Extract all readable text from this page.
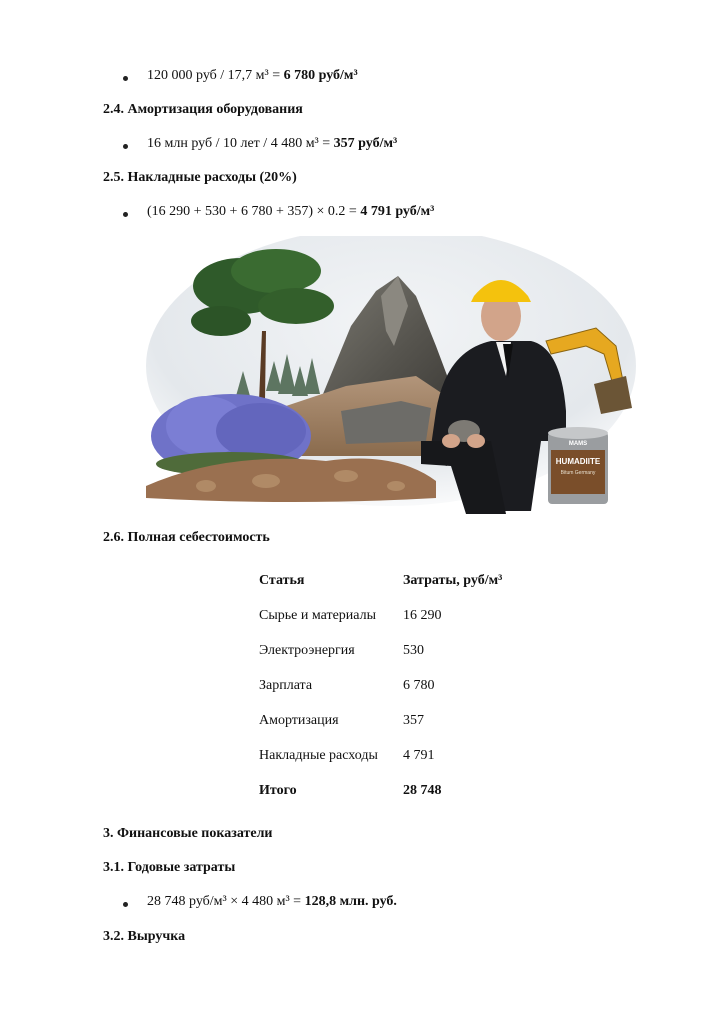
120 000 руб / 17,7 м³ = 6 780 руб/м³
2.4. Амортизация оборудования
16 млн руб / 10 лет / 4 480 м³ = 357 руб/м³
2.5. Накладные расходы (20%)
(16 290 + 530 + 6 780 + 357) × 0.2 = 4 791 руб/м³
MAMS
HUMADIITE
Bitum Germany
2.6. Полная себестоимость
Статья	Затраты, руб/м³
Сырье и материалы 16 290
Электроэнергия	530
Зарплата	6 780
Амортизация	357
Накладные расходы 4 791
Итого	28 748
3. Финансовые показатели
3.1. Годовые затраты
28 748 руб/м³ × 4 480 м³ = 128,8 млн. руб.
3.2. Выручка
